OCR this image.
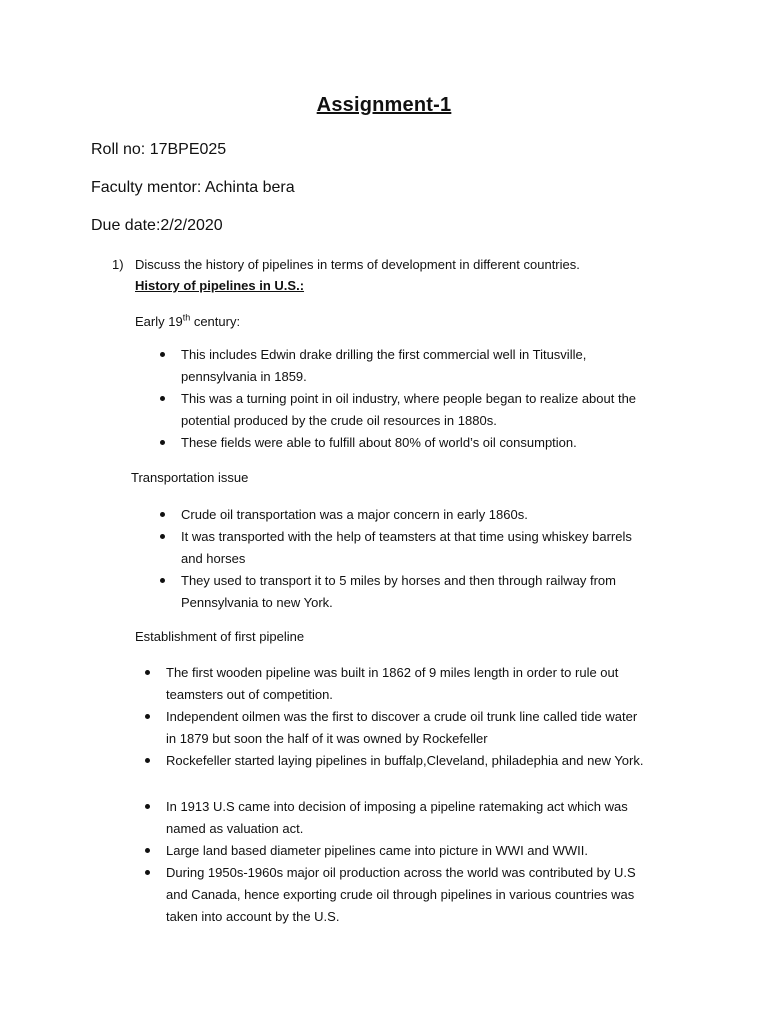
Assignment-1
Roll no: 17BPE025
Faculty mentor: Achinta bera
Due date:2/2/2020
1) Discuss the history of pipelines in terms of development in different countries.
History of pipelines in U.S.:
Early 19th century:
This includes Edwin drake drilling the first commercial well in Titusville,
pennsylvania in 1859.
This was a turning point in oil industry, where people began to realize about the
potential produced by the crude oil resources in 1880s.
These fields were able to fulfill about 80% of world’s oil consumption.
Transportation issue
Crude oil transportation was a major concern in early 1860s.
It was transported with the help of teamsters at that time using whiskey barrels
and horses
They used to transport it to 5 miles by horses and then through railway from
Pennsylvania to new York.
Establishment of first pipeline
The first wooden pipeline was built in 1862 of 9 miles length in order to rule out
teamsters out of competition.
Independent oilmen was the first to discover a crude oil trunk line called tide water
in 1879 but soon the half of it was owned by Rockefeller
Rockefeller started laying pipelines in buffalp,Cleveland, philadephia and new York.
In 1913 U.S came into decision of imposing a pipeline ratemaking act which was
named as valuation act.
Large land based diameter pipelines came into picture in WWI and WWII.
During 1950s-1960s major oil production across the world was contributed by U.S
and Canada, hence exporting crude oil through pipelines in various countries was
taken into account by the U.S.
